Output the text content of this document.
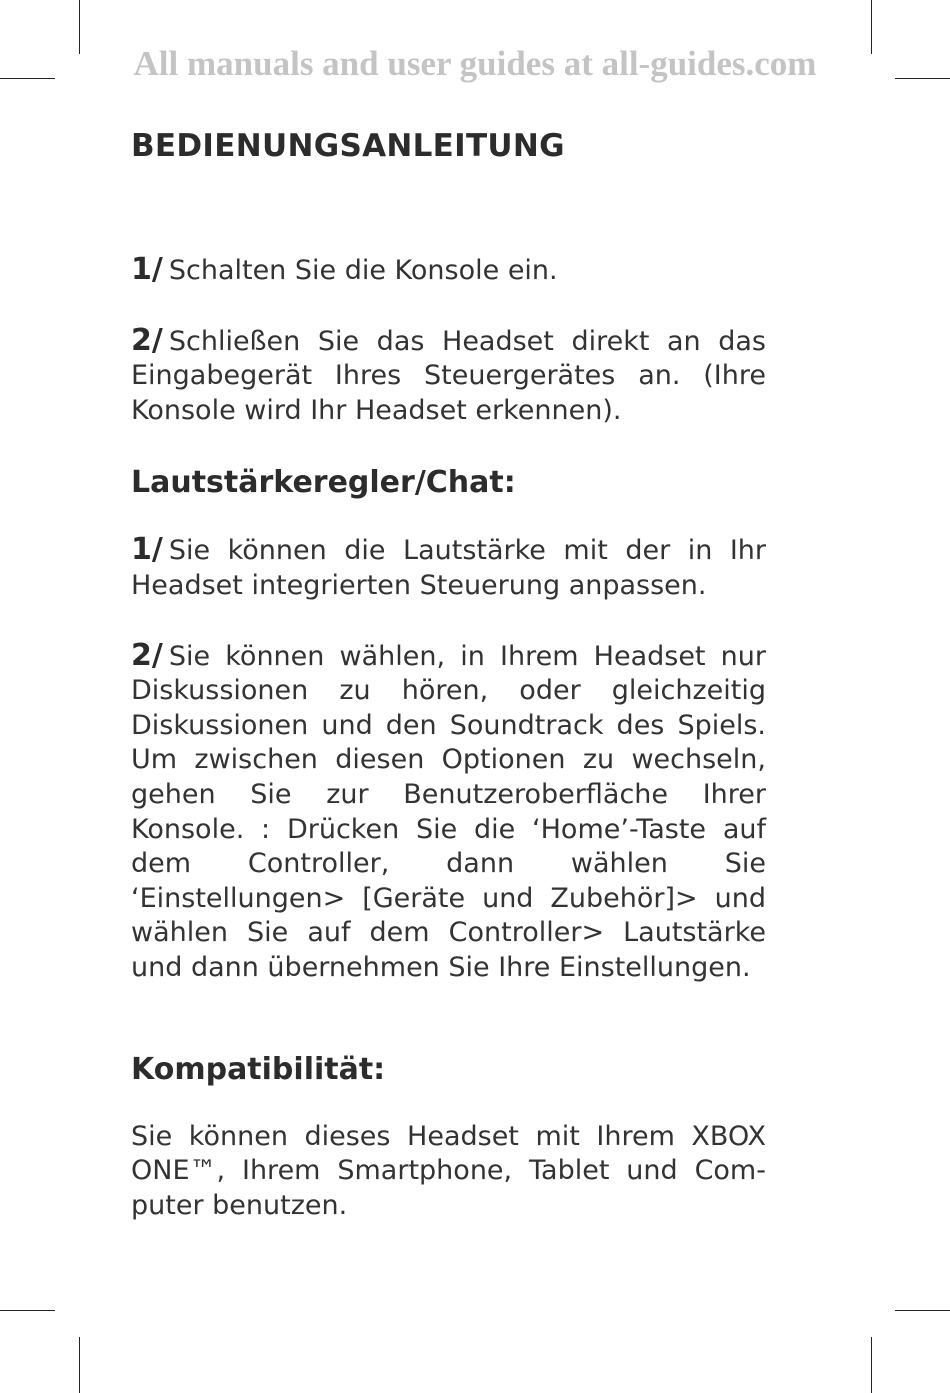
All manuals and user guides at all-guides.com
BEDIENUNGSANLEITUNG

1/ Schalten Sie die Konsole ein.

2/ Schließen Sie das Headset direkt an das Eingabegerät Ihres Steuergerätes an. (Ihre Konsole wird Ihr Headset erkennen).

Lautstärkeregler/Chat:

1/ Sie können die Lautstärke mit der in Ihr Headset integrierten Steuerung anpassen.

2/ Sie können wählen, in Ihrem Headset nur Diskussionen zu hören, oder gleichzeitig Diskussionen und den Soundtrack des Spiels. Um zwischen diesen Optionen zu wechseln, gehen Sie zur Benutzeroberfläche Ihrer Konsole. : Drücken Sie die ‘Home’-Taste auf dem Controller, dann wählen Sie ‘Einstellungen> [Geräte und Zubehör]> und wählen Sie auf dem Controller> Lautstärke und dann übernehmen Sie Ihre Einstellungen.

Kompatibilität:

Sie können dieses Headset mit Ihrem XBOX ONE™, Ihrem Smartphone, Tablet und Computer benutzen.
